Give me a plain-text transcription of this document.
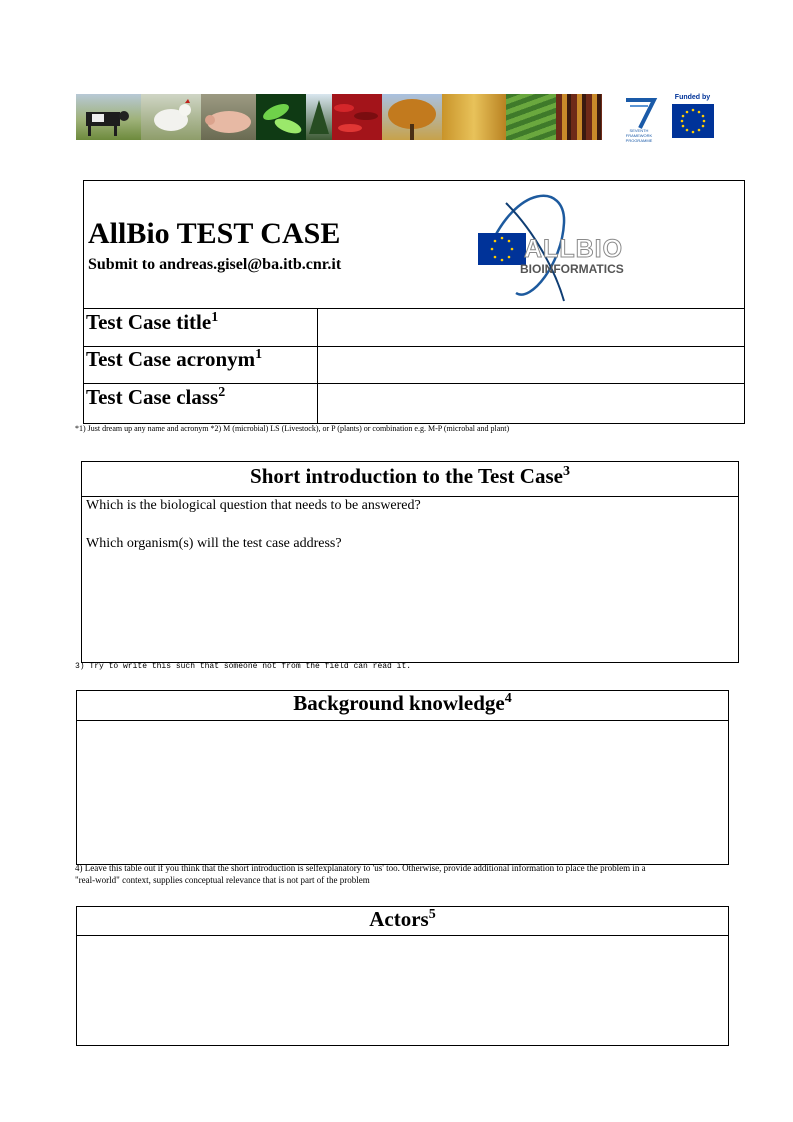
SEVENTH FRAMEWORK PROGRAMME
Funded by
AllBio TEST CASE
Submit to andreas.gisel@ba.itb.cnr.it
ALLBIO
BIOINFORMATICS
Test Case title$^1$
Test Case acronym$^1$
Test Case class$^2$
*1) Just dream up any name and acronym *2) M (microbial) LS (Livestock), or P (plants) or combination e.g. M-P (microbal and plant)
Short introduction to the Test Case$^3$
Which is the biological question that needs to be answered?
Which organism(s) will the test case address?
3) Try to write this such that someone not from the field can read it.
Background knowledge$^4$
4) Leave this table out if you think that the short introduction is selfexplanatory to 'us' too. Otherwise, provide additional information to place the problem in a
"real-world" context, supplies conceptual relevance that is not part of the problem
Actors$^5$
